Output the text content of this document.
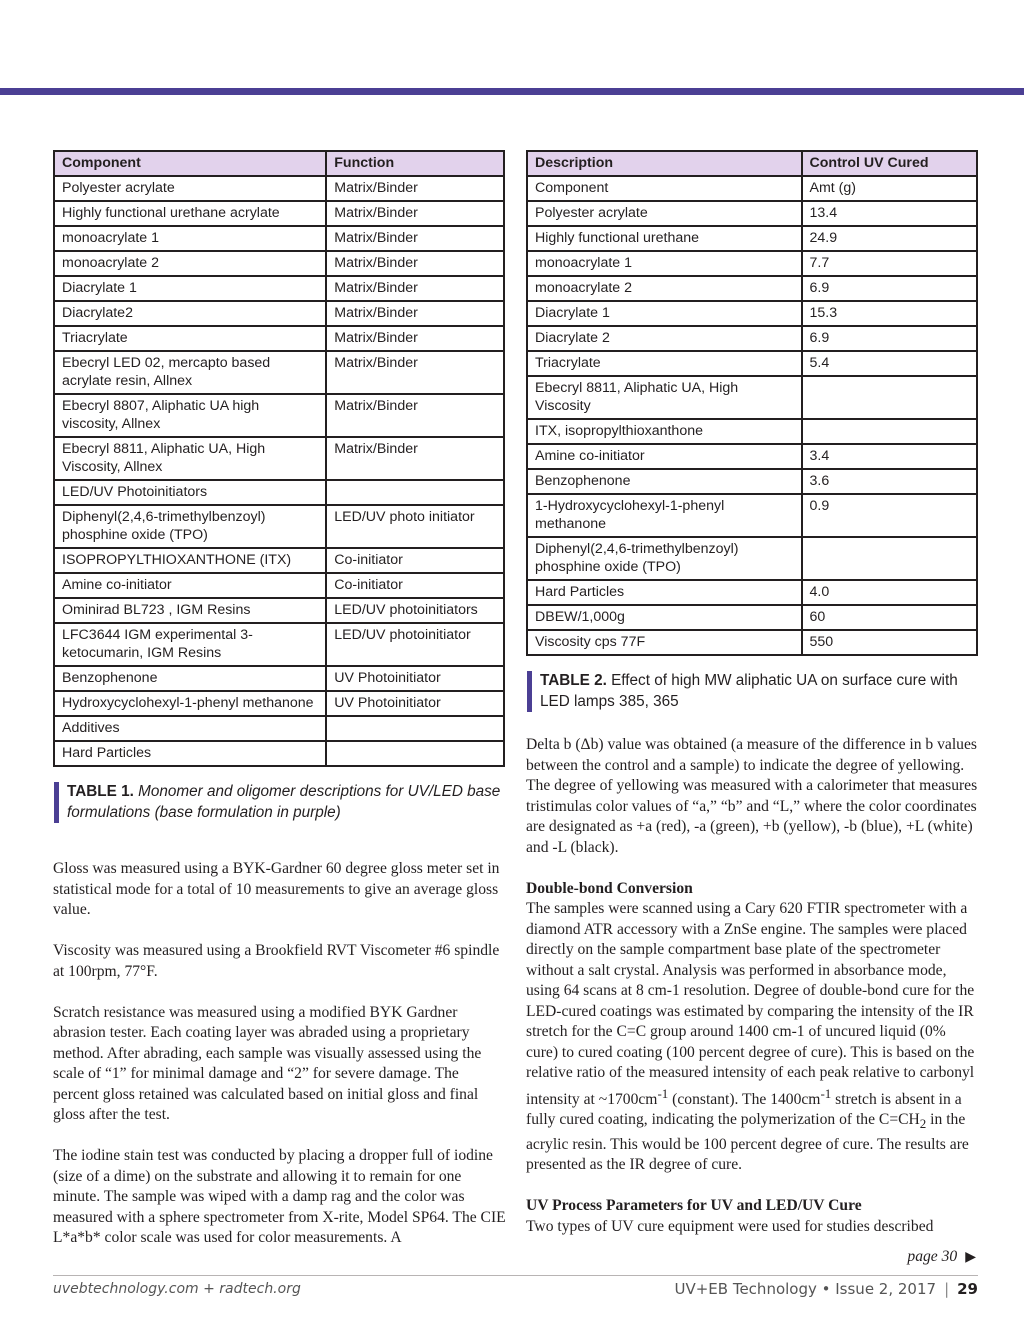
Component	Function
Polyester acrylate	Matrix/Binder
Highly functional urethane acrylate	Matrix/Binder
monoacrylate 1	Matrix/Binder
monoacrylate 2	Matrix/Binder
Diacrylate 1	Matrix/Binder
Diacrylate2	Matrix/Binder
Triacrylate	Matrix/Binder
Ebecryl LED 02, mercapto based acrylate resin, Allnex	Matrix/Binder
Ebecryl 8807, Aliphatic UA high viscosity, Allnex	Matrix/Binder
Ebecryl 8811, Aliphatic UA, High Viscosity, Allnex	Matrix/Binder
LED/UV Photoinitiators	
Diphenyl(2,4,6-trimethylbenzoyl) phosphine oxide (TPO)	LED/UV photo initiator
ISOPROPYLTHIOXANTHONE (ITX)	Co-initiator
Amine co-initiator	Co-initiator
Ominirad BL723 , IGM Resins	LED/UV photoinitiators
LFC3644 IGM experimental 3-ketocumarin, IGM Resins	LED/UV photoinitiator
Benzophenone	UV Photoinitiator
Hydroxycyclohexyl-1-phenyl methanone	UV Photoinitiator
Additives	
Hard Particles	
TABLE 1. Monomer and oligomer descriptions for UV/LED base formulations (base formulation in purple)
Description	Control UV Cured
Component	Amt (g)
Polyester acrylate	13.4
Highly functional urethane	24.9
monoacrylate 1	7.7
monoacrylate 2	6.9
Diacrylate 1	15.3
Diacrylate 2	6.9
Triacrylate	5.4
Ebecryl 8811, Aliphatic UA, High Viscosity	
ITX, isopropylthioxanthone	
Amine co-initiator	3.4
Benzophenone	3.6
1-Hydroxycyclohexyl-1-phenyl methanone	0.9
Diphenyl(2,4,6-trimethylbenzoyl) phosphine oxide (TPO)	
Hard Particles	4.0
DBEW/1,000g	60
Viscosity cps 77F	550
TABLE 2. Effect of high MW aliphatic UA on surface cure with LED lamps 385, 365

Gloss was measured using a BYK-Gardner 60 degree gloss meter set in statistical mode for a total of 10 measurements to give an average gloss value.

Viscosity was measured using a Brookfield RVT Viscometer #6 spindle at 100rpm, 77°F.

Scratch resistance was measured using a modified BYK Gardner abrasion tester. Each coating layer was abraded using a proprietary method. After abrading, each sample was visually assessed using the scale of “1” for minimal damage and “2” for severe damage. The percent gloss retained was calculated based on initial gloss and final gloss after the test.

The iodine stain test was conducted by placing a dropper full of iodine (size of a dime) on the substrate and allowing it to remain for one minute. The sample was wiped with a damp rag and the color was measured with a sphere spectrometer from X-rite, Model SP64. The CIE L*a*b* color scale was used for color measurements. A

Delta b (Δb) value was obtained (a measure of the difference in b values between the control and a sample) to indicate the degree of yellowing. The degree of yellowing was measured with a calorimeter that measures tristimulas color values of “a,” “b” and “L,” where the color coordinates are designated as +a (red), -a (green), +b (yellow), -b (blue), +L (white) and -L (black).

Double-bond Conversion

The samples were scanned using a Cary 620 FTIR spectrometer with a diamond ATR accessory with a ZnSe engine. The samples were placed directly on the sample compartment base plate of the spectrometer without a salt crystal. Analysis was performed in absorbance mode, using 64 scans at 8 cm-1 resolution. Degree of double-bond cure for the LED-cured coatings was estimated by comparing the intensity of the IR stretch for the C=C group around 1400 cm-1 of uncured liquid (0% cure) to cured coating (100 percent degree of cure). This is based on the relative ratio of the measured intensity of each peak relative to carbonyl intensity at $\sim 1700cm^{-1}$ (constant). The $1400cm^{-1}$ stretch is absent in a fully cured coating, indicating the polymerization of the $C=CH_2$ in the acrylic resin. This would be 100 percent degree of cure. The results are presented as the IR degree of cure.

UV Process Parameters for UV and LED/UV Cure

Two types of UV cure equipment were used for studies described

page 30 ▶
uvebtechnology.com + radtech.org	UV+EB Technology • Issue 2, 2017 | 29
